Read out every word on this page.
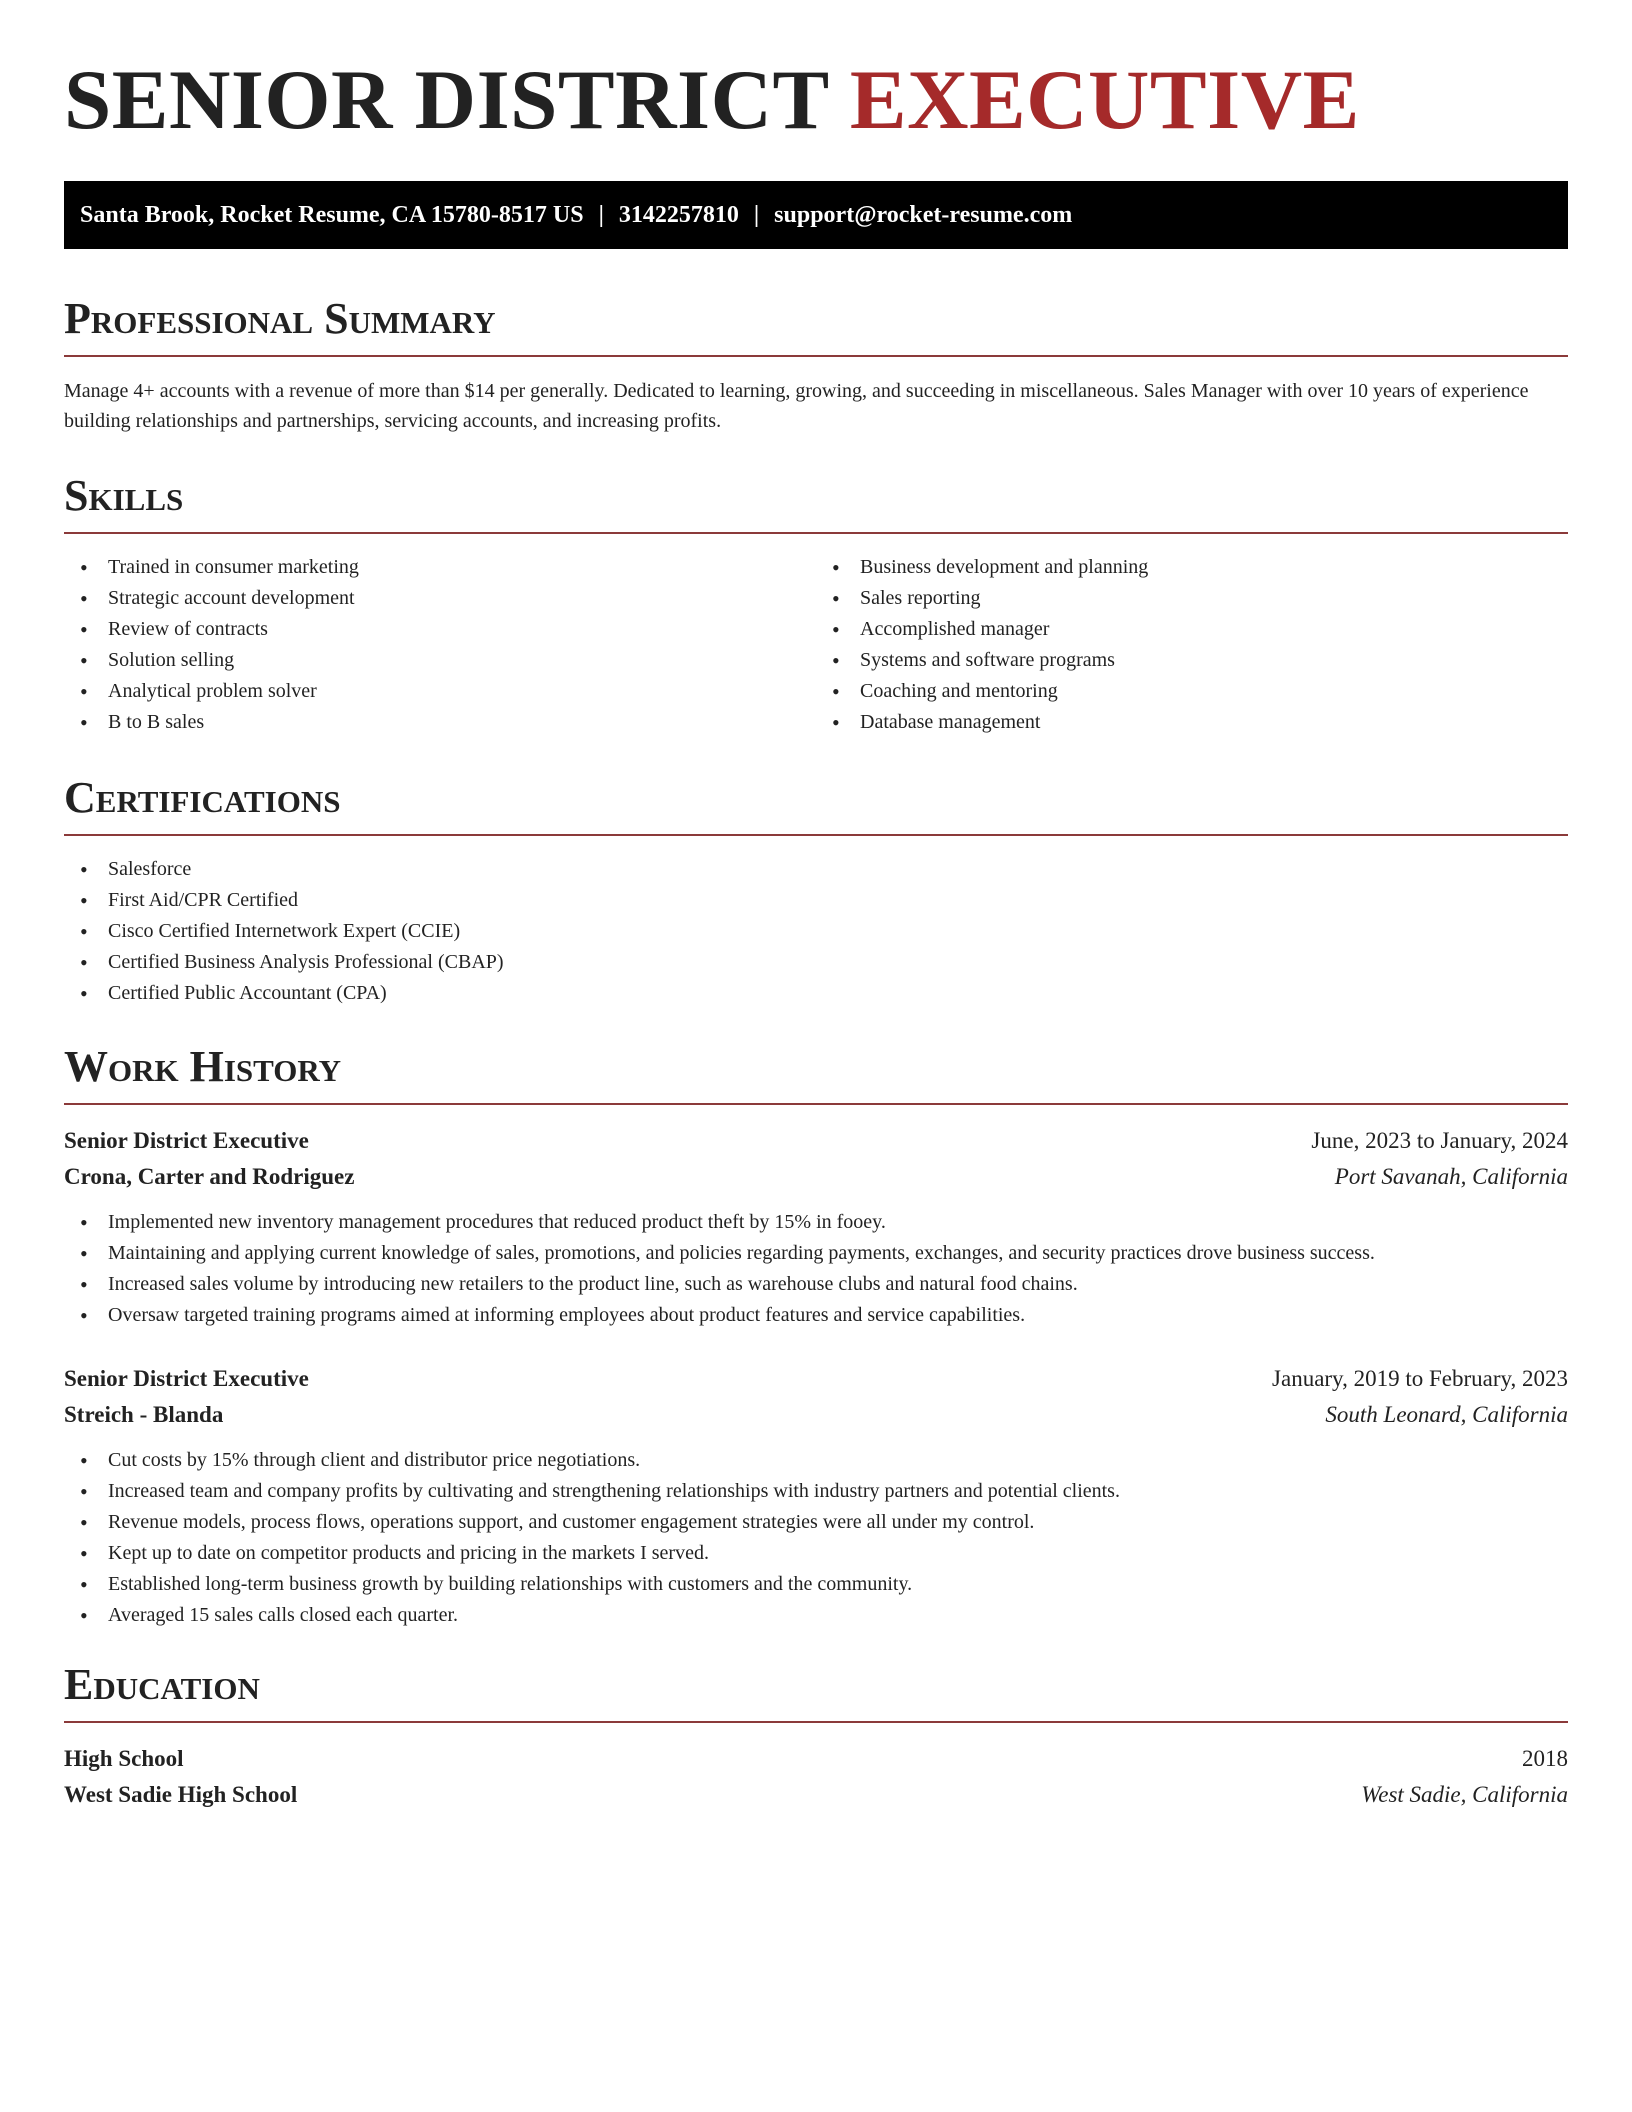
SENIOR DISTRICT EXECUTIVE
Santa Brook, Rocket Resume, CA 15780-8517 US | 3142257810 | support@rocket-resume.com
Professional Summary

Manage 4+ accounts with a revenue of more than $14 per generally. Dedicated to learning, growing, and succeeding in miscellaneous. Sales Manager with over 10 years of experience building relationships and partnerships, servicing accounts, and increasing profits.

Skills
• Trained in consumer marketing
• Strategic account development
• Review of contracts
• Solution selling
• Analytical problem solver
• B to B sales
• Business development and planning
• Sales reporting
• Accomplished manager
• Systems and software programs
• Coaching and mentoring
• Database management
Certifications
• Salesforce
• First Aid/CPR Certified
• Cisco Certified Internetwork Expert (CCIE)
• Certified Business Analysis Professional (CBAP)
• Certified Public Accountant (CPA)
Work History
Senior District Executive	June, 2023 to January, 2024
Crona, Carter and Rodriguez	Port Savanah, California
• Implemented new inventory management procedures that reduced product theft by 15% in fooey.
• Maintaining and applying current knowledge of sales, promotions, and policies regarding payments, exchanges, and security practices drove business success.
• Increased sales volume by introducing new retailers to the product line, such as warehouse clubs and natural food chains.
• Oversaw targeted training programs aimed at informing employees about product features and service capabilities.
Senior District Executive	January, 2019 to February, 2023
Streich - Blanda	South Leonard, California
• Cut costs by 15% through client and distributor price negotiations.
• Increased team and company profits by cultivating and strengthening relationships with industry partners and potential clients.
• Revenue models, process flows, operations support, and customer engagement strategies were all under my control.
• Kept up to date on competitor products and pricing in the markets I served.
• Established long-term business growth by building relationships with customers and the community.
• Averaged 15 sales calls closed each quarter.
Education
High School	2018
West Sadie High School	West Sadie, California
